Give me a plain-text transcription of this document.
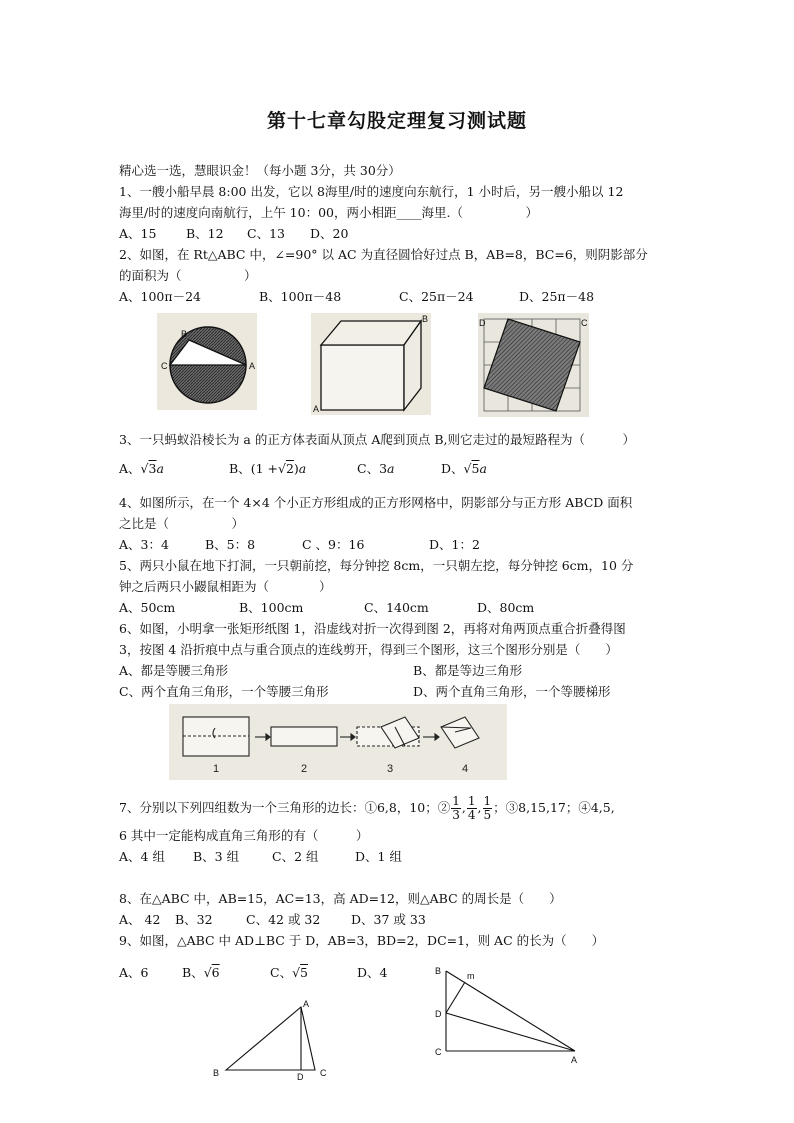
第十七章勾股定理复习测试题
精心选一选，慧眼识金！（每小题 3分，共 30分）
1、一艘小船早晨 8:00 出发，它以 8海里/时的速度向东航行，1 小时后，另一艘小船以 12
海里/时的速度向南航行，上午 10：00，两小相距____海里.（　　　　　）
A、15 B、12 C、13 D、20
2、如图，在 Rt△ABC 中，∠=90° 以 AC 为直径圆恰好过点 B，AB=8，BC=6，则阴影部分
的面积为（　　　　　）
A、100π－24	B、100π－48	C、25π－24	D、25π－48
B
C	A
B
A
D	C
3、一只蚂蚁沿棱长为 a 的正方体表面从顶点 A爬到顶点 B,则它走过的最短路程为（　　　）
A、√3a	B、(1 +√2)a	C、3a	D、√5a
4、如图所示，在一个 4×4 个小正方形组成的正方形网格中，阴影部分与正方形 ABCD 面积
之比是（　　　　　）
A、3：4	B、5：8	C 、9：16	D、1：2
5、两只小鼠在地下打洞，一只朝前挖，每分钟挖 8cm，一只朝左挖，每分钟挖 6cm，10 分
钟之后两只小鼹鼠相距为（　　　　）
A、50cm	B、100cm	C、140cm	D、80cm
6、如图，小明拿一张矩形纸图 1，沿虚线对折一次得到图 2，再将对角两顶点重合折叠得图
3，按图 4 沿折痕中点与重合顶点的连线剪开，得到三个图形，这三个图形分别是（　　）
A、都是等腰三角形	B、都是等边三角形
C、两个直角三角形，一个等腰三角形	D、两个直角三角形，一个等腰梯形
1	2	3	4
7、分别以下列四组数为一个三角形的边长：①6,8，10；② $\frac{1}{3}$ , $\frac{1}{4}$ , $\frac{1}{5}$ ；③8,15,17；④4,5,
6 其中一定能构成直角三角形的有（　　　）
A、4 组 B、3 组	C、2 组	D、1 组
8、在△ABC 中，AB=15，AC=13，高 AD=12，则△ABC 的周长是（　　）
A、 42 B、32	C、42 或 32 D、37 或 33
9、如图，△ABC 中 AD⊥BC 于 D，AB=3，BD=2，DC=1，则 AC 的长为（　　）
A、6	B、√6	C、√5	D、4
A
B	D C
B	m
D
C
A
